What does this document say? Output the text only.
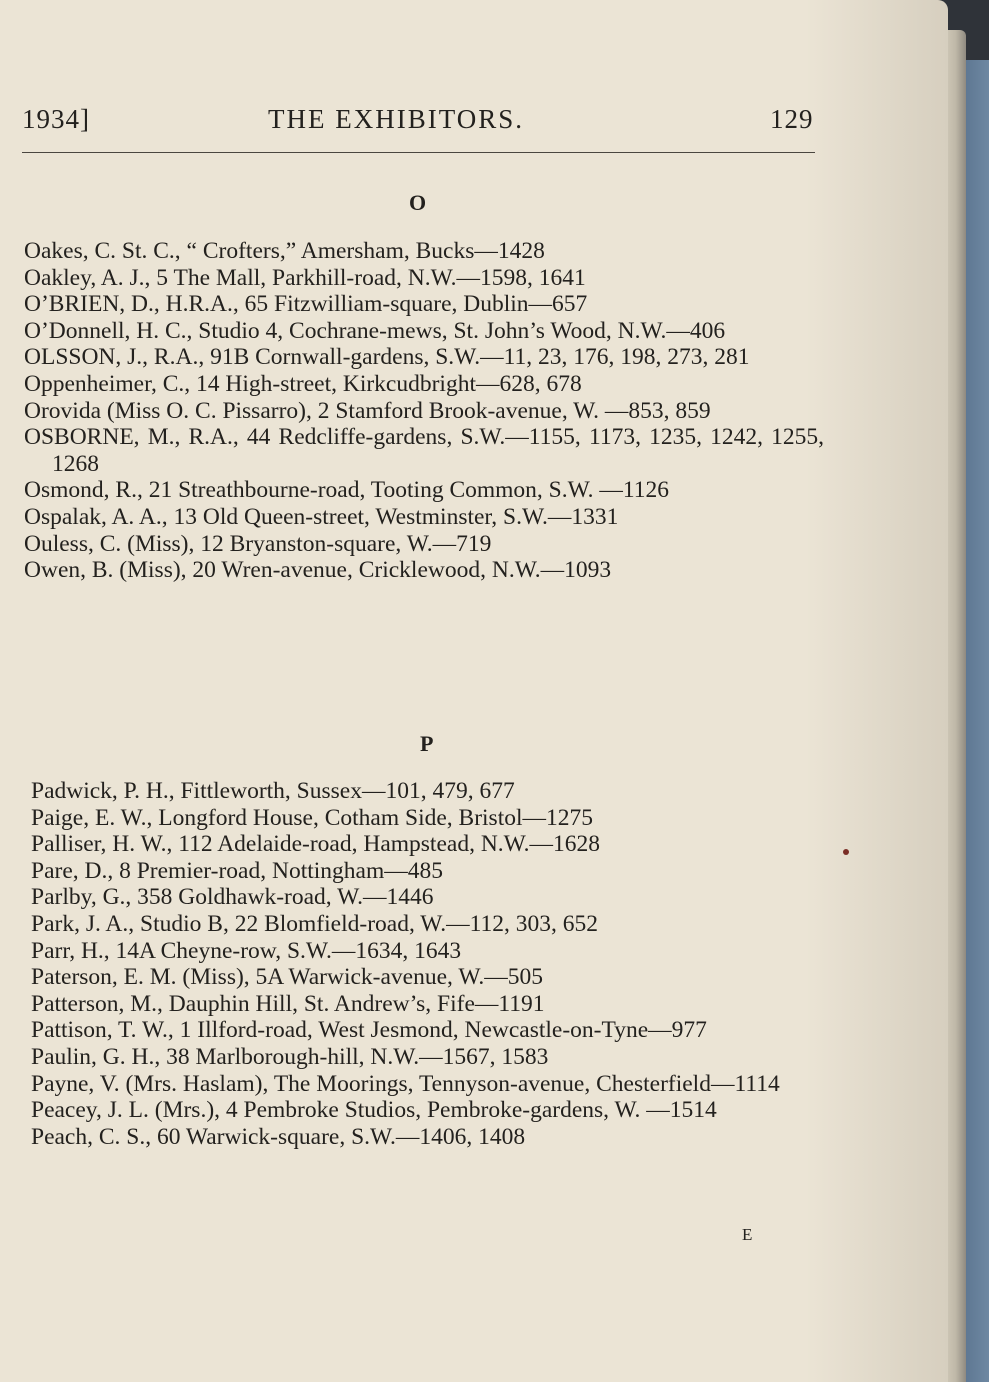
1934]	THE EXHIBITORS.	129
O
Oakes, C. St. C., “ Crofters,” Amersham, Bucks—1428
Oakley, A. J., 5 The Mall, Parkhill-road, N.W.—1598, 1641
O’BRIEN, D., H.R.A., 65 Fitzwilliam-square, Dublin—657
O’Donnell, H. C., Studio 4, Cochrane-mews, St. John’s Wood, N.W.—406
OLSSON, J., R.A., 91B Cornwall-gardens, S.W.—11, 23, 176, 198, 273, 281
Oppenheimer, C., 14 High-street, Kirkcudbright—628, 678
Orovida (Miss O. C. Pissarro), 2 Stamford Brook-avenue, W. —853, 859
OSBORNE, M., R.A., 44 Redcliffe-gardens, S.W.—1155, 1173, 1235, 1242, 1255, 1268
Osmond, R., 21 Streathbourne-road, Tooting Common, S.W. —1126
Ospalak, A. A., 13 Old Queen-street, Westminster, S.W.—1331
Ouless, C. (Miss), 12 Bryanston-square, W.—719
Owen, B. (Miss), 20 Wren-avenue, Cricklewood, N.W.—1093
P
Padwick, P. H., Fittleworth, Sussex—101, 479, 677
Paige, E. W., Longford House, Cotham Side, Bristol—1275
Palliser, H. W., 112 Adelaide-road, Hampstead, N.W.—1628
Pare, D., 8 Premier-road, Nottingham—485
Parlby, G., 358 Goldhawk-road, W.—1446
Park, J. A., Studio B, 22 Blomfield-road, W.—112, 303, 652
Parr, H., 14A Cheyne-row, S.W.—1634, 1643
Paterson, E. M. (Miss), 5A Warwick-avenue, W.—505
Patterson, M., Dauphin Hill, St. Andrew’s, Fife—1191
Pattison, T. W., 1 Illford-road, West Jesmond, Newcastle-on-Tyne—977
Paulin, G. H., 38 Marlborough-hill, N.W.—1567, 1583
Payne, V. (Mrs. Haslam), The Moorings, Tennyson-avenue, Chesterfield—1114
Peacey, J. L. (Mrs.), 4 Pembroke Studios, Pembroke-gardens, W. —1514
Peach, C. S., 60 Warwick-square, S.W.—1406, 1408
E
